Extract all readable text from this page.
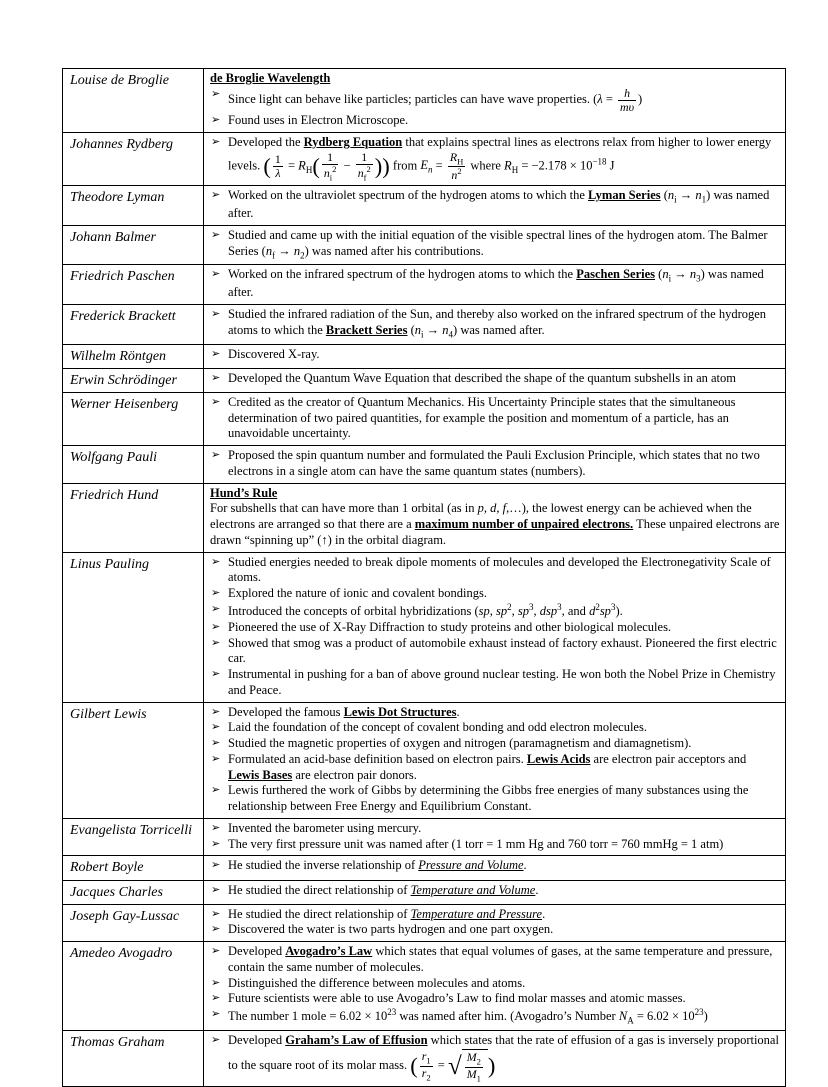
Louise de Broglie	de Broglie Wavelength
➢ Since light can behave like particles; particles can have wave properties. ($\lambda = \frac{h}{m\upsilon}$ )
➢ Found uses in Electron Microscope.

Johannes Rydberg	➢ Developed the Rydberg Equation that explains spectral lines as electrons relax from higher to lower energy levels. ( $\frac{1}{\lambda} = R_H( \frac{1}{n_i^2} - \frac{1}{n_f^2}$ )) from $E_n = \frac{R_H}{n^2}$ where $R_H = -2.178 \times 10^{-18}$ J

Theodore Lyman	➢ Worked on the ultraviolet spectrum of the hydrogen atoms to which the Lyman Series $(n_i \to n_1)$ was named after.

Johann Balmer	➢ Studied and came up with the initial equation of the visible spectral lines of the hydrogen atom. The Balmer Series $(n_f \to n_2)$ was named after his contributions.

Friedrich Paschen	➢ Worked on the infrared spectrum of the hydrogen atoms to which the Paschen Series $(n_i \to n_3)$ was named after.

Frederick Brackett	➢ Studied the infrared radiation of the Sun, and thereby also worked on the infrared spectrum of the hydrogen atoms to which the Brackett Series $(n_i \to n_4)$ was named after.

Wilhelm Röntgen	➢ Discovered X-ray.

Erwin Schrödinger	➢ Developed the Quantum Wave Equation that described the shape of the quantum subshells in an atom

Werner Heisenberg	➢ Credited as the creator of Quantum Mechanics. His Uncertainty Principle states that the simultaneous determination of two paired quantities, for example the position and momentum of a particle, has an unavoidable uncertainty.

Wolfgang Pauli	➢ Proposed the spin quantum number and formulated the Pauli Exclusion Principle, which states that no two electrons in a single atom can have the same quantum states (numbers).

Friedrich Hund	Hund’s Rule
For subshells that can have more than 1 orbital (as in p, d, f,…), the lowest energy can be achieved when the electrons are arranged so that there are a maximum number of unpaired electrons. These unpaired electrons are drawn “spinning up” (↑) in the orbital diagram.

Linus Pauling	➢ Studied energies needed to break dipole moments of molecules and developed the Electronegativity Scale of atoms.
➢ Explored the nature of ionic and covalent bondings.
➢ Introduced the concepts of orbital hybridizations (sp, $sp^2$, $sp^3$, dsp$^3$, and $d^2sp^3$).
➢ Pioneered the use of X-Ray Diffraction to study proteins and other biological molecules.
➢ Showed that smog was a product of automobile exhaust instead of factory exhaust. Pioneered the first electric car.
➢ Instrumental in pushing for a ban of above ground nuclear testing. He won both the Nobel Prize in Chemistry and Peace.

Gilbert Lewis	➢ Developed the famous Lewis Dot Structures.
➢ Laid the foundation of the concept of covalent bonding and odd electron molecules.
➢ Studied the magnetic properties of oxygen and nitrogen (paramagnetism and diamagnetism).
➢ Formulated an acid-base definition based on electron pairs. Lewis Acids are electron pair acceptors and Lewis Bases are electron pair donors.
➢ Lewis furthered the work of Gibbs by determining the Gibbs free energies of many substances using the relationship between Free Energy and Equilibrium Constant.

Evangelista Torricelli	➢ Invented the barometer using mercury.
➢ The very first pressure unit was named after (1 torr = 1 mm Hg and 760 torr = 760 mmHg = 1 atm)

Robert Boyle	➢ He studied the inverse relationship of Pressure and Volume.

Jacques Charles	➢ He studied the direct relationship of Temperature and Volume.

Joseph Gay-Lussac	➢ He studied the direct relationship of Temperature and Pressure.
➢ Discovered the water is two parts hydrogen and one part oxygen.

Amedeo Avogadro	➢ Developed Avogadro’s Law which states that equal volumes of gases, at the same temperature and pressure, contain the same number of molecules.
➢ Distinguished the difference between molecules and atoms.
➢ Future scientists were able to use Avogadro’s Law to find molar masses and atomic masses.
➢ The number 1 mole = $6.02 \times 10^{23}$ was named after him. (Avogadro’s Number $N_A = 6.02 \times 10^{23}$)

Thomas Graham	➢ Developed Graham’s Law of Effusion which states that the rate of effusion of a gas is inversely proportional to the square root of its molar mass. ( $\frac{r_1}{r_2}$ = √ $\frac{M_2}{M_1}$ )
